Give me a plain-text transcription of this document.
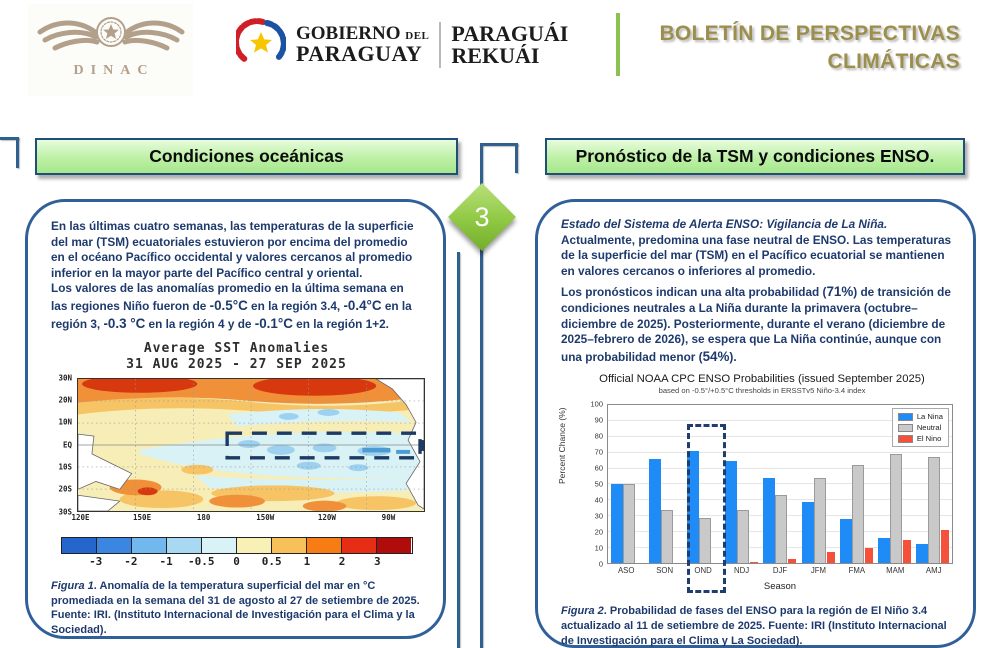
DINAC
GOBIERNO DEL
PARAGUAY
PARAGUÁI
REKUÁI
BOLETÍN DE PERSPECTIVAS
CLIMÁTICAS
Condiciones oceánicas	Pronóstico de la TSM y condiciones ENSO.
3
En las últimas cuatro semanas, las temperaturas de la superficie del mar (TSM) ecuatoriales estuvieron por encima del promedio en el océano Pacífico occidental y valores cercanos al promedio inferior en la mayor parte del Pacífico central y oriental.
Los valores de las anomalías promedio en la última semana en las regiones Niño fueron de -0.5°C en la región 3.4, -0.4°C en la región 3, -0.3 °C en la región 4 y de -0.1°C en la región 1+2.
Average SST Anomalies
31 AUG 2025 - 27 SEP 2025
30N
20N
10N
EQ
10S
20S
30S
120E	150E	180	150W	120W	90W
-3 -2 -1 -0.5 0 0.5 1	2	3
Figura 1. Anomalía de la temperatura superficial del mar en °C promediada en la semana del 31 de agosto al 27 de setiembre de 2025. Fuente: IRI. (Instituto Internacional de Investigación para el Clima y la Sociedad).
Estado del Sistema de Alerta ENSO: Vigilancia de La Niña.
Actualmente, predomina una fase neutral de ENSO. Las temperaturas de la superficie del mar (TSM) en el Pacífico ecuatorial se mantienen en valores cercanos o inferiores al promedio.
Los pronósticos indican una alta probabilidad (71%) de transición de condiciones neutrales a La Niña durante la primavera (octubre–diciembre de 2025). Posteriormente, durante el verano (diciembre de 2025–febrero de 2026), se espera que La Niña continúe, aunque con una probabilidad menor (54%).
Official NOAA CPC ENSO Probabilities (issued September 2025)
based on -0.5°/+0.5°C thresholds in ERSSTv5 Niño-3.4 index
Percent Chance (%)
0
10
20
30
40
50
60
70
80
90
100
La Nina
Neutral
El Nino
ASO	SON	OND	NDJ	DJF	JFM	FMA	MAM	AMJ
Season
Figura 2. Probabilidad de fases del ENSO para la región de El Niño 3.4 actualizado al 11 de setiembre de 2025. Fuente: IRI (Instituto Internacional de Investigación para el Clima y La Sociedad).
